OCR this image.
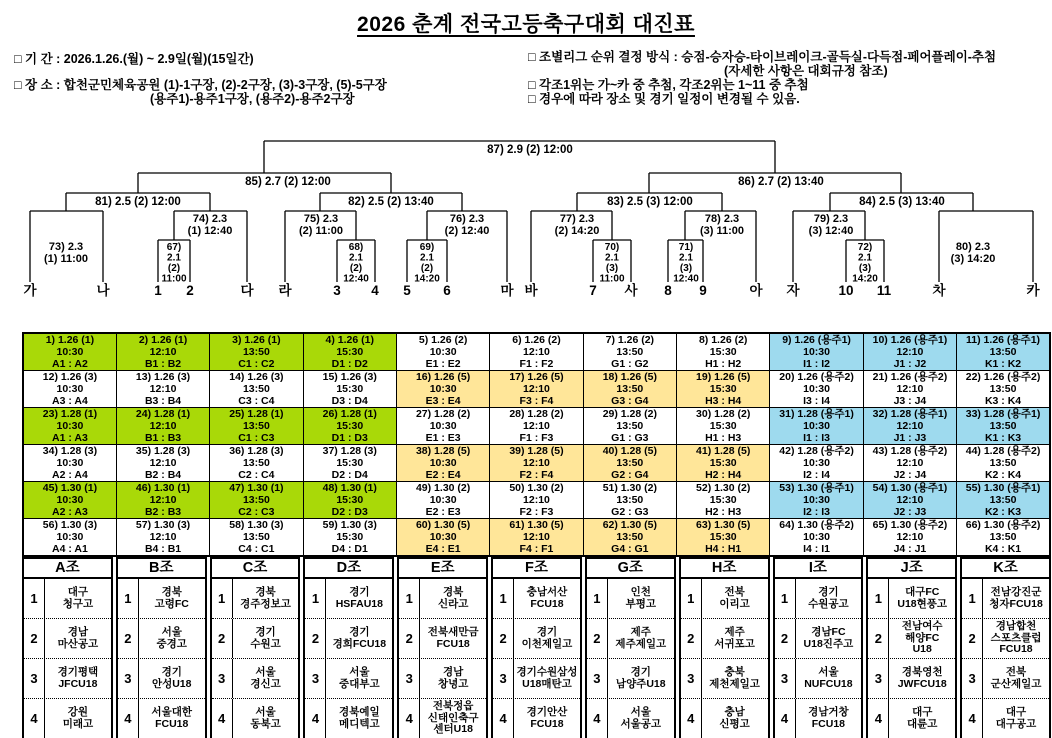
2026 춘계 전국고등축구대회 대진표
□ 기 간 : 2026.1.26.(월) ~ 2.9일(월)(15일간)
□ 장 소 : 합천군민체육공원 (1)-1구장, (2)-2구장, (3)-3구장, (5)-5구장
(용주1)-용주1구장, (용주2)-용주2구장
□ 조별리그 순위 결정 방식 : 승점-승자승-타이브레이크-골득실-다득점-페어플레이-추첨
(자세한 사항은 대회규정 참조)
□ 각조1위는 가~카 중 추첨, 각조2위는 1~11 중 추첨
□ 경우에 따라 장소 및 경기 일정이 변경될 수 있음.
67)
2.1
(2)
11:00
68)
2.1
(2)
12:40
69)
2.1
(2)
14:20
70)
2.1
(3)
11:00
71)
2.1
(3)
12:40
72)
2.1
(3)
14:20
73) 2.3
(1) 11:00
74) 2.3
(1) 12:40
75) 2.3
(2) 11:00
76) 2.3
(2) 12:40
77) 2.3
(2) 14:20
78) 2.3
(3) 11:00
79) 2.3
(3) 12:40
80) 2.3
(3) 14:20
81) 2.5 (2) 12:00	82) 2.5 (2) 13:40	83) 2.5 (3) 12:00	84) 2.5 (3) 13:40
85) 2.7 (2) 12:00	86) 2.7 (2) 13:40
87) 2.9 (2) 12:00
가	나	1 2	다 라	3 4 5 6	마 바	7 사 8 9	아 자	10 11	차	카
1) 1.26 (1)
10:30
A1 : A2

2) 1.26 (1)
12:10
B1 : B2

3) 1.26 (1)
13:50
C1 : C2

4) 1.26 (1)
15:30
D1 : D2

5) 1.26 (2)
10:30
E1 : E2

6) 1.26 (2)
12:10
F1 : F2

7) 1.26 (2)
13:50
G1 : G2

8) 1.26 (2)
15:30
H1 : H2

9) 1.26 (용주1)
10:30
I1 : I2

10) 1.26 (용주1)
12:10
J1 : J2

11) 1.26 (용주1)
13:50
K1 : K2

12) 1.26 (3)
10:30
A3 : A4

13) 1.26 (3)
12:10
B3 : B4

14) 1.26 (3)
13:50
C3 : C4

15) 1.26 (3)
15:30
D3 : D4

16) 1.26 (5)
10:30
E3 : E4

17) 1.26 (5)
12:10
F3 : F4

18) 1.26 (5)
13:50
G3 : G4

19) 1.26 (5)
15:30
H3 : H4

20) 1.26 (용주2)
10:30
I3 : I4

21) 1.26 (용주2)
12:10
J3 : J4

22) 1.26 (용주2)
13:50
K3 : K4

23) 1.28 (1)
10:30
A1 : A3

24) 1.28 (1)
12:10
B1 : B3

25) 1.28 (1)
13:50
C1 : C3

26) 1.28 (1)
15:30
D1 : D3

27) 1.28 (2)
10:30
E1 : E3

28) 1.28 (2)
12:10
F1 : F3

29) 1.28 (2)
13:50
G1 : G3

30) 1.28 (2)
15:30
H1 : H3

31) 1.28 (용주1)
10:30
I1 : I3

32) 1.28 (용주1)
12:10
J1 : J3

33) 1.28 (용주1)
13:50
K1 : K3

34) 1.28 (3)
10:30
A2 : A4

35) 1.28 (3)
12:10
B2 : B4

36) 1.28 (3)
13:50
C2 : C4

37) 1.28 (3)
15:30
D2 : D4

38) 1.28 (5)
10:30
E2 : E4

39) 1.28 (5)
12:10
F2 : F4

40) 1.28 (5)
13:50
G2 : G4

41) 1.28 (5)
15:30
H2 : H4

42) 1.28 (용주2)
10:30
I2 : I4

43) 1.28 (용주2)
12:10
J2 : J4

44) 1.28 (용주2)
13:50
K2 : K4

45) 1.30 (1)
10:30
A2 : A3

46) 1.30 (1)
12:10
B2 : B3

47) 1.30 (1)
13:50
C2 : C3

48) 1.30 (1)
15:30
D2 : D3

49) 1.30 (2)
10:30
E2 : E3

50) 1.30 (2)
12:10
F2 : F3

51) 1.30 (2)
13:50
G2 : G3

52) 1.30 (2)
15:30
H2 : H3

53) 1.30 (용주1)
10:30
I2 : I3

54) 1.30 (용주1)
12:10
J2 : J3

55) 1.30 (용주1)
13:50
K2 : K3

56) 1.30 (3)
10:30
A4 : A1

57) 1.30 (3)
12:10
B4 : B1

58) 1.30 (3)
13:50
C4 : C1

59) 1.30 (3)
15:30
D4 : D1

60) 1.30 (5)
10:30
E4 : E1

61) 1.30 (5)
12:10
F4 : F1

62) 1.30 (5)
13:50
G4 : G1

63) 1.30 (5)
15:30
H4 : H1

64) 1.30 (용주2)
10:30
I4 : I1

65) 1.30 (용주2)
12:10
J4 : J1

66) 1.30 (용주2)
13:50
K4 : K1
A조
1	대구
청구고
2	경남
마산공고
3	경기평택
JFCU18
4	강원
미래고
B조
1	경북
고령FC
2	서울
중경고
3	경기
안성U18
4	서울대한
FCU18
C조
1	경북
경주정보고
2	경기
수원고
3	서울
경신고
4	서울
동북고
D조
1	경기
HSFAU18
2	경기
경희FCU18
3	서울
중대부고
4	경북예일
메디텍고
E조
1	경북
신라고
2	전북새만금
FCU18
3	경남
창녕고
4
전북정읍
신태인축구
센터U18
F조
1	충남서산
FCU18
2	경기
이천제일고
3 경기수원삼성
U18매탄고
4	경기안산
FCU18
G조
1	인천
부평고
2	제주
제주제일고
3	경기
남양주U18
4	서울
서울공고
H조
1	전북
이리고
2	제주
서귀포고
3	충북
제천제일고
4	충남
신평고
I조
1	경기
수원공고
2	경남FC
U18진주고
3	서울
NUFCU18
4	경남거창
FCU18
J조
1	대구FC
U18현풍고
2
전남여수
해양FC
U18
3	경북영천
JWFCU18
4	대구
대륜고
K조
1	전남강진군
청자FCU18
2
경남합천
스포츠클럽
FCU18
3	전북
군산제일고
4	대구
대구공고
